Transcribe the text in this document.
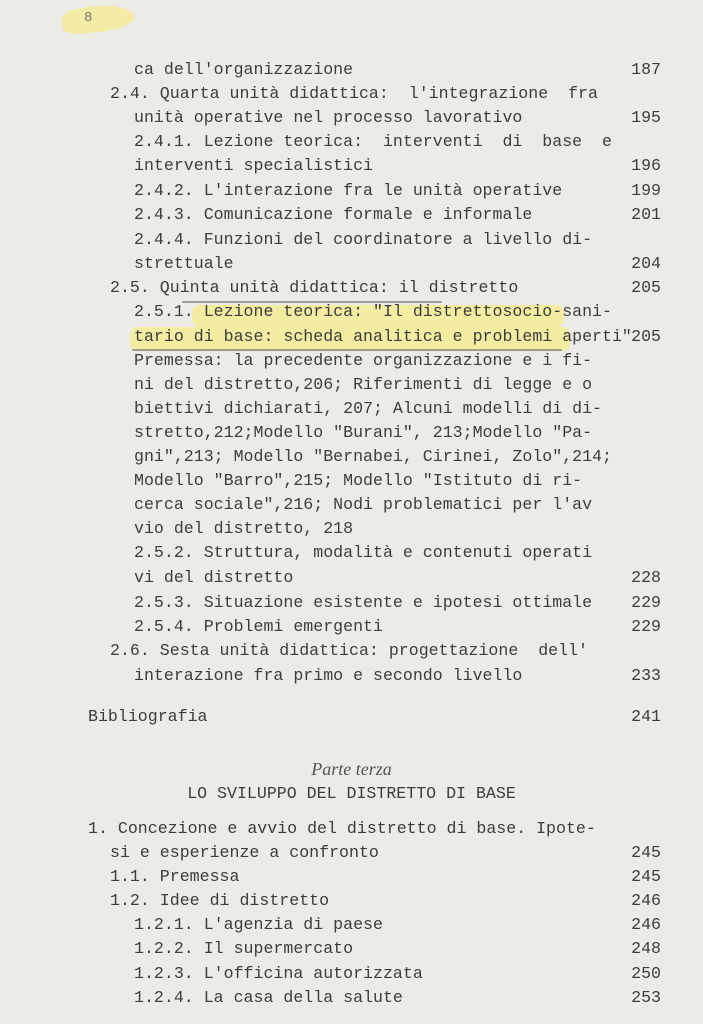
8
ca dell'organizzazione	187
2.4. Quarta unità didattica:  l'integrazione  fra
unità operative nel processo lavorativo	195
2.4.1. Lezione teorica:  interventi  di  base  e
interventi specialistici	196
2.4.2. L'interazione fra le unità operative	199
2.4.3. Comunicazione formale e informale	201
2.4.4. Funzioni del coordinatore a livello di-
strettuale	204
2.5. Quinta unità didattica: il distretto	205
2.5.1. Lezione teorica: "Il distrettosocio-sani-
tario di base: scheda analitica e problemi aperti" 205
Premessa: la precedente organizzazione e i fi-
ni del distretto,206; Riferimenti di legge e o
biettivi dichiarati, 207; Alcuni modelli di di-
stretto,212;Modello "Burani", 213;Modello "Pa-
gni",213; Modello "Bernabei, Cirinei, Zolo",214;
Modello "Barro",215; Modello "Istituto di ri-
cerca sociale",216; Nodi problematici per l'av
vio del distretto, 218
2.5.2. Struttura, modalità e contenuti operati
vi del distretto	228
2.5.3. Situazione esistente e ipotesi ottimale 229
2.5.4. Problemi emergenti	229
2.6. Sesta unità didattica: progettazione  dell'
interazione fra primo e secondo livello	233
Bibliografia	241
Parte terza
LO SVILUPPO DEL DISTRETTO DI BASE
1. Concezione e avvio del distretto di base. Ipote-
si e esperienze a confronto	245
1.1. Premessa	245
1.2. Idee di distretto	246
1.2.1. L'agenzia di paese	246
1.2.2. Il supermercato	248
1.2.3. L'officina autorizzata	250
1.2.4. La casa della salute	253
